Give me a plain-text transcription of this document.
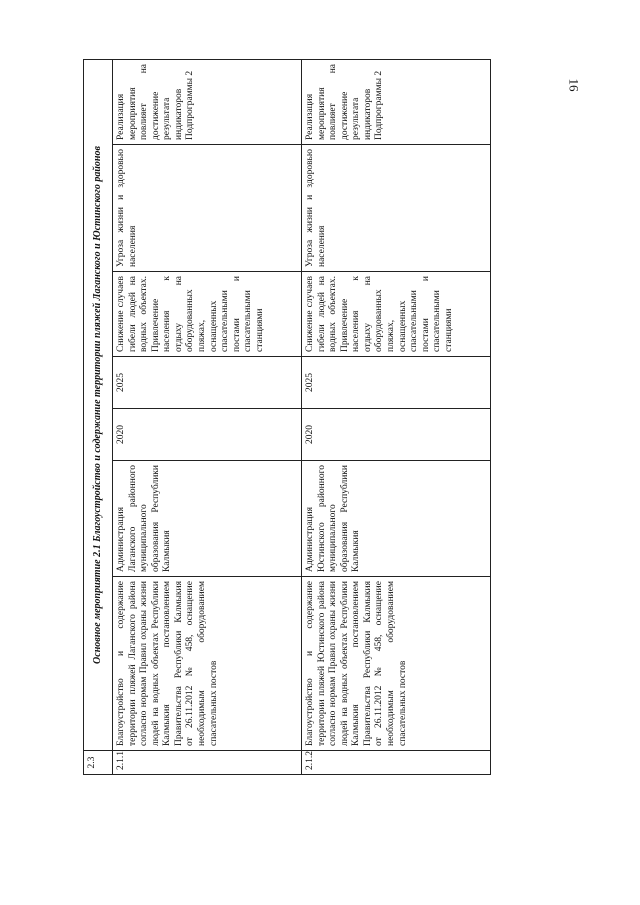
16
2.3	Основное мероприятие 2.1 Благоустройство и содержание территории пляжей Лаганского и Юстинского районов						
2.1.1	Благоустройство и содержание территории пляжей Лаганского района согласно нормам Правил охраны жизни людей на водных объектах Республики Калмыкия постановлением Правительства Республики Калмыкия от 26.11.2012 № 458, оснащение необходимым оборудованием спасательных постов	Администрация Лаганского районного муниципального образования Республики Калмыкия	2020	2025	Снижение случаев гибели людей на водных объектах. Привлечение населения к отдыху на оборудованных пляжах, оснащенных спасательными постами и спасательными станциями	Угроза жизни и здоровью населения	Реализация мероприятия повлияет на достижение результата индикаторов Подпрограммы 2
2.1.2	Благоустройство и содержание территории пляжей Юстинского района согласно нормам Правил охраны жизни людей на водных объектах Республики Калмыкия постановлением Правительства Республики Калмыкия от 26.11.2012 № 458, оснащение необходимым оборудованием спасательных постов	Администрация Юстинского районного муниципального образования Республики Калмыкия	2020	2025	Снижение случаев гибели людей на водных объектах. Привлечение населения к отдыху на оборудованных пляжах, оснащенных спасательными постами и спасательными станциями	Угроза жизни и здоровью населения	Реализация мероприятия повлияет на достижение результата индикаторов Подпрограммы 2
